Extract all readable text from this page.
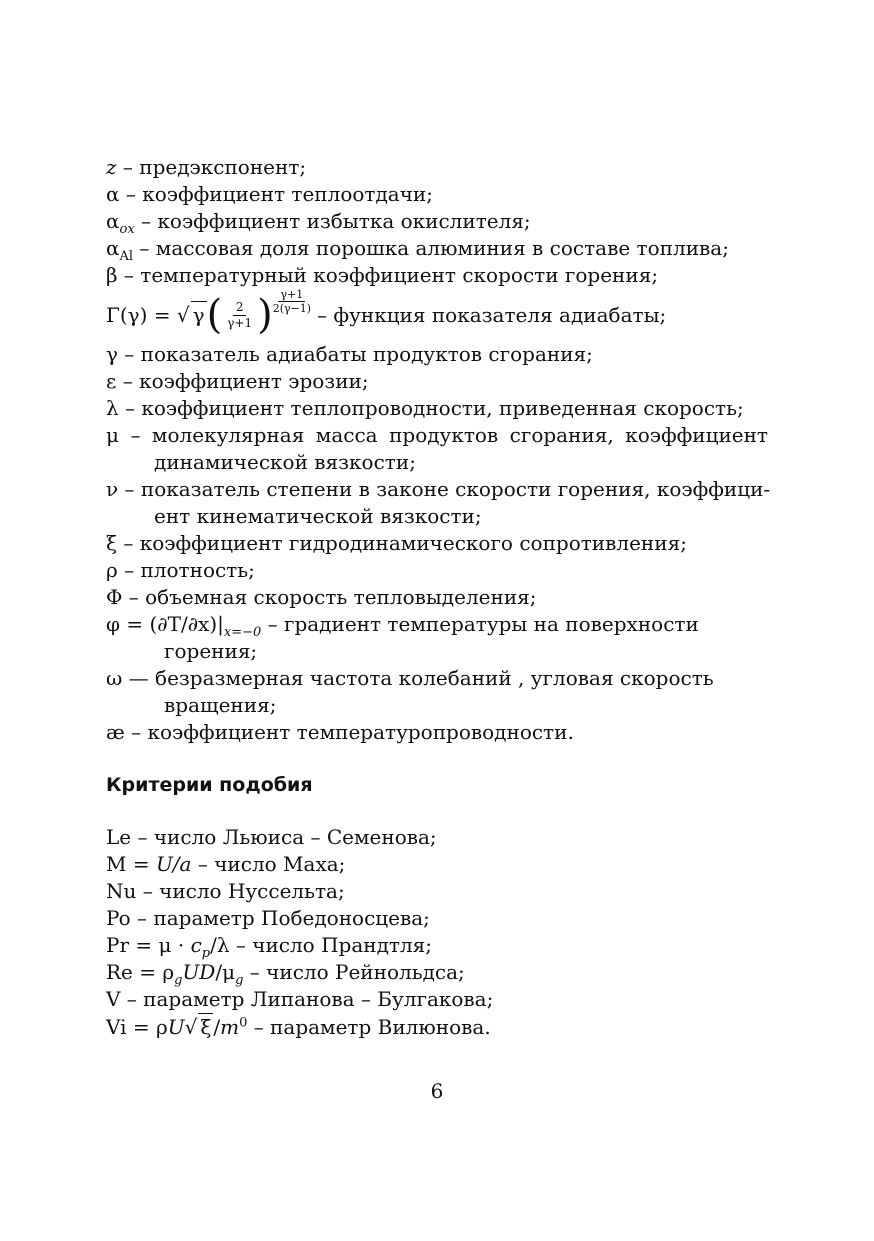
z – предэкспонент;
α – коэффициент теплоотдачи;
$\alpha_{ox}$ – коэффициент избытка окислителя;
$\alpha_{Al}$ – массовая доля порошка алюминия в составе топлива;
β – температурный коэффициент скорости горения;
Γ(γ) = √ γ ( $\frac{2}{\gamma+1}$ ) $\frac{\gamma+1}{2(\gamma-1)}$ – функция показателя адиабаты;
γ – показатель адиабаты продуктов сгорания;
ε – коэффициент эрозии;
λ – коэффициент теплопроводности, приведенная скорость;
μ – молекулярная масса продуктов сгорания, коэффициент
динамической вязкости;
ν – показатель степени в законе скорости горения, коэффици-
ент кинематической вязкости;
ξ – коэффициент гидродинамического сопротивления;
ρ – плотность;
Φ – объемная скорость тепловыделения;
$\varphi = (\partial T/\partial x)|_{x=-0}$ – градиент температуры на поверхности
горения;
ω — безразмерная частота колебаний , угловая скорость
вращения;
æ – коэффициент температуропроводности.
Критерии подобия
Le – число Льюиса – Семенова;
M = U/a – число Маха;
Nu – число Нуссельта;
Po – параметр Победоносцева;
$Pr = \mu \cdot c_p/\lambda$ – число Прандтля;
$Re = \rho_gUD/\mu_g$ – число Рейнольдса;
V – параметр Липанова – Булгакова;
Vi = ρU√ ξ $/m^0$ – параметр Вилюнова.
6
